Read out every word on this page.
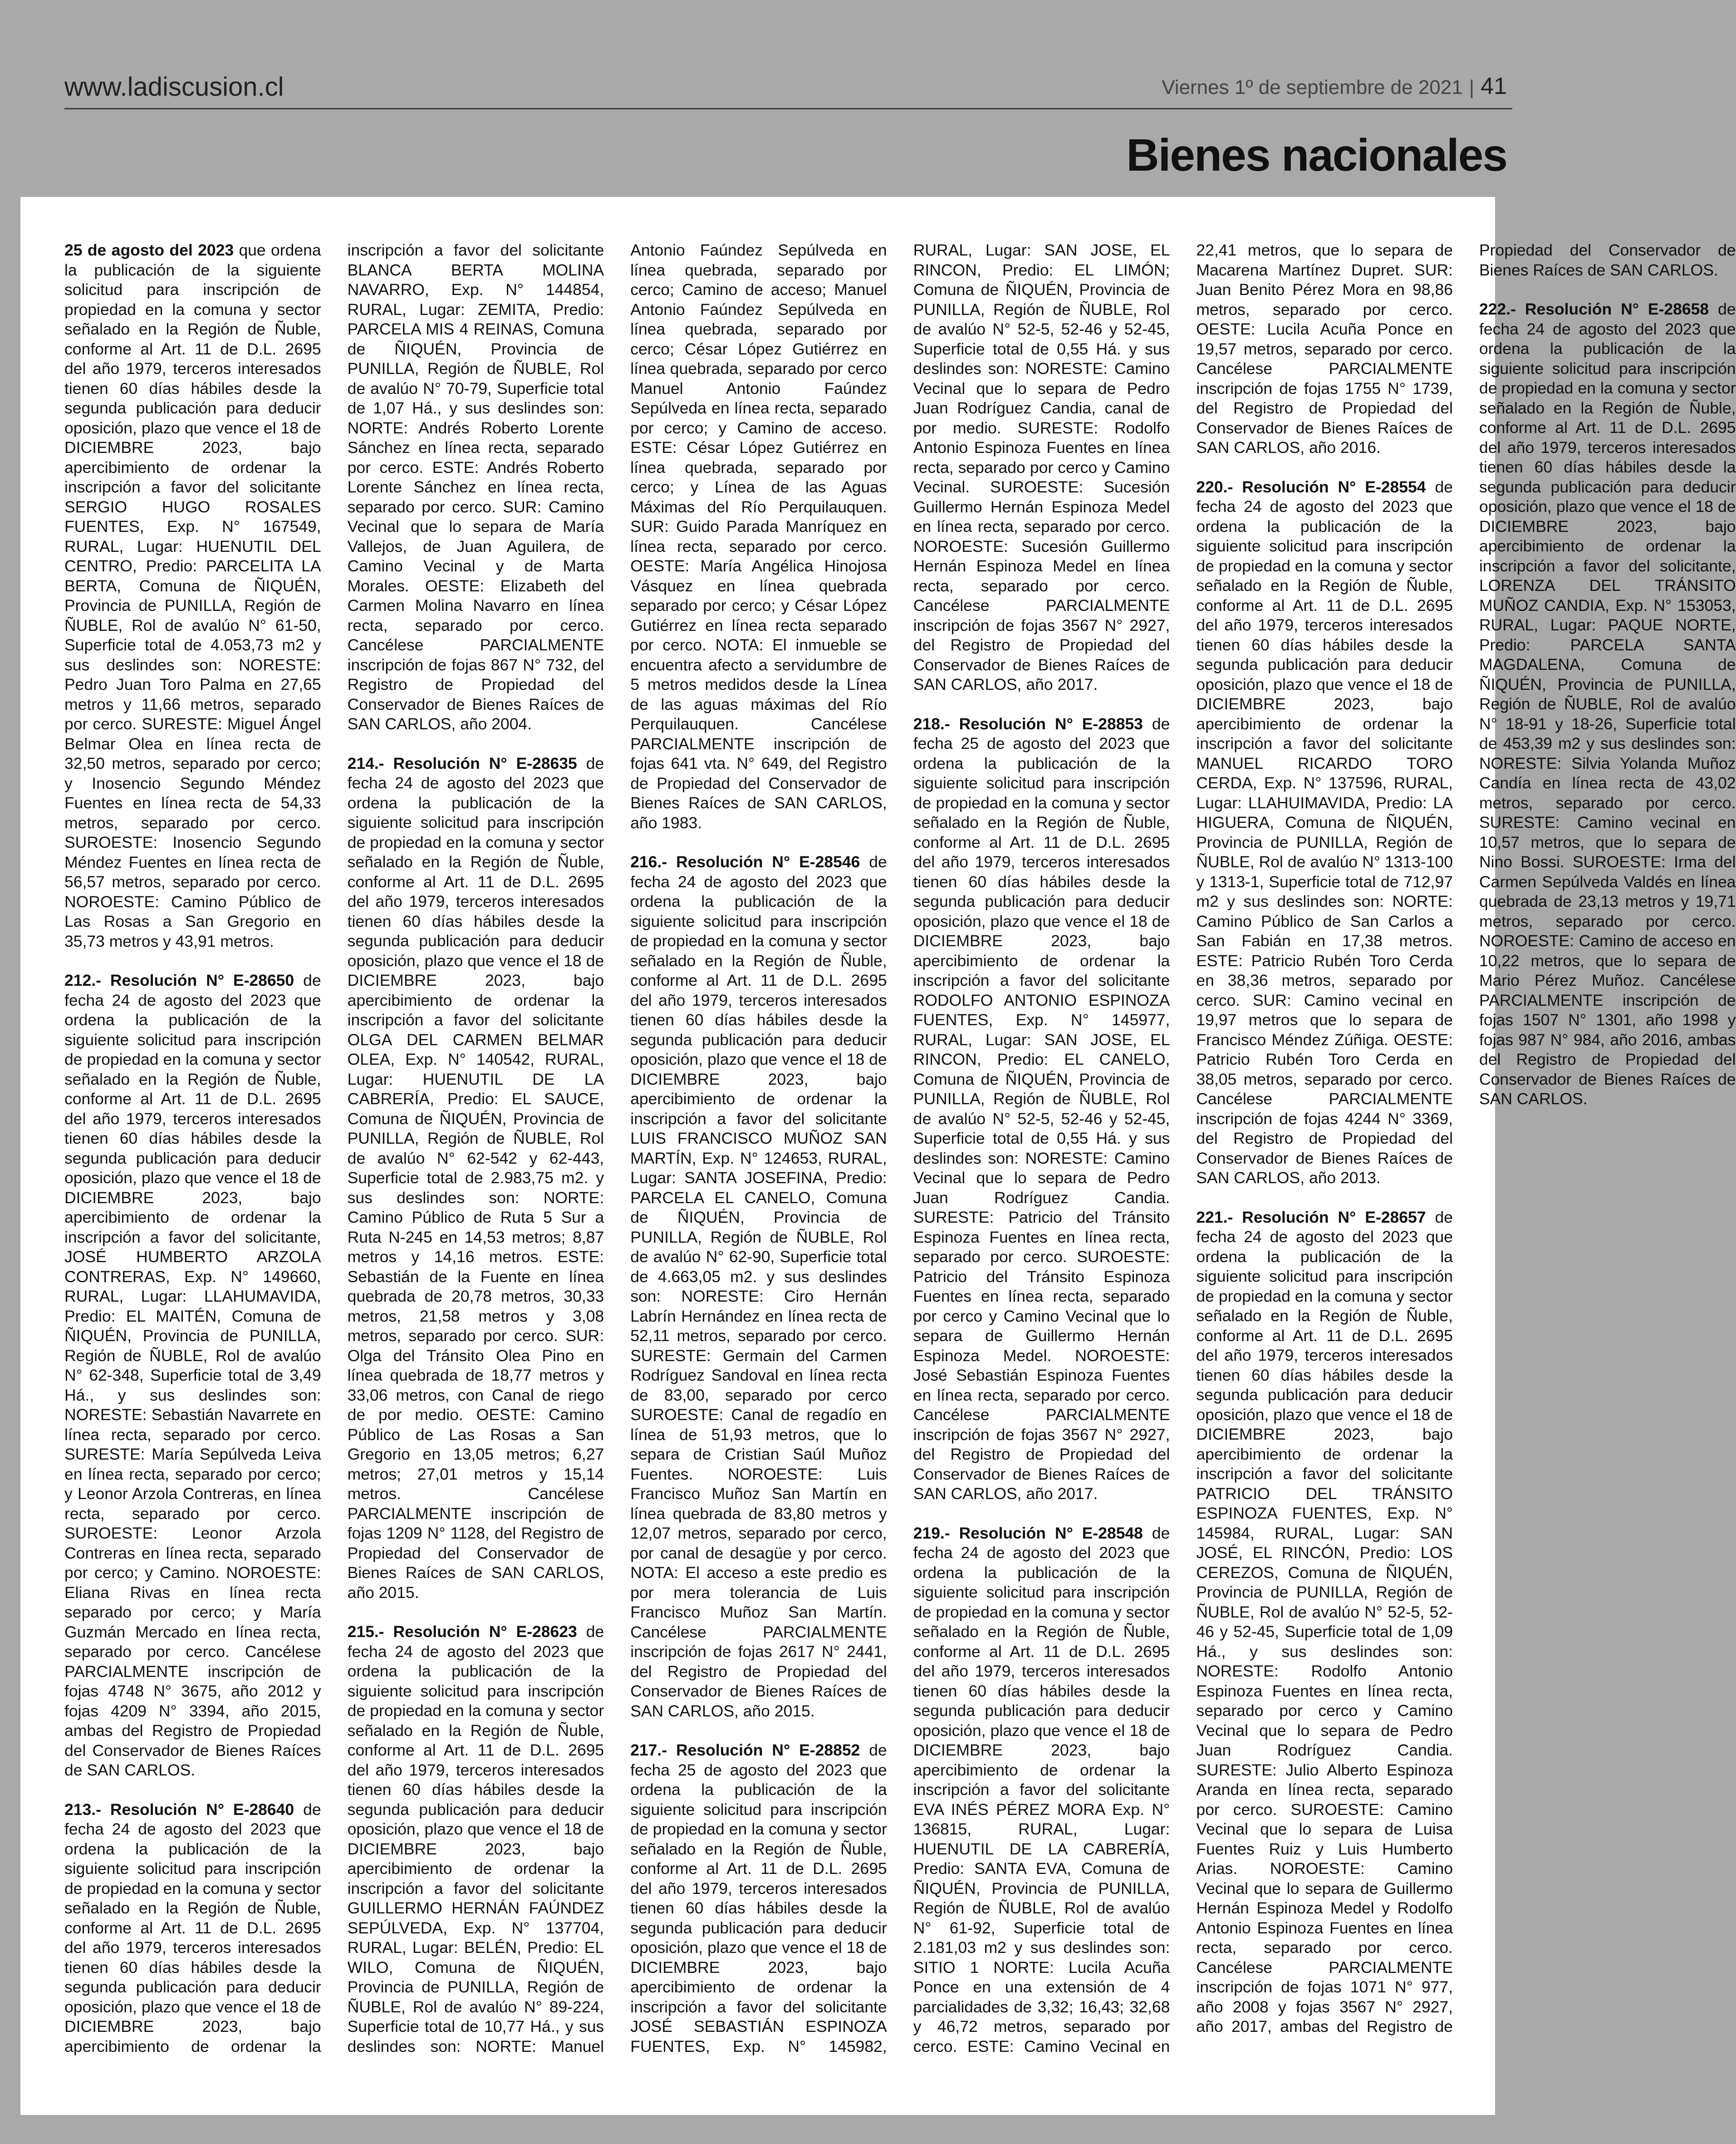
www.ladiscusion.cl	Viernes 1º de septiembre de 2021 | 41
Bienes nacionales

25 de agosto del 2023 que ordena la publicación de la siguiente solicitud para inscripción de propiedad en la comuna y sector señalado en la Región de Ñuble, conforme al Art. 11 de D.L. 2695 del año 1979, terceros interesados tienen 60 días hábiles desde la segunda publicación para deducir oposición, plazo que vence el 18 de DICIEMBRE 2023, bajo apercibimiento de ordenar la inscripción a favor del solicitante SERGIO HUGO ROSALES FUENTES, Exp. N° 167549, RURAL, Lugar: HUENUTIL DEL CENTRO, Predio: PARCELITA LA BERTA, Comuna de ÑIQUÉN, Provincia de PUNILLA, Región de ÑUBLE, Rol de avalúo N° 61-50, Superficie total de 4.053,73 m2 y sus deslindes son: NORESTE: Pedro Juan Toro Palma en 27,65 metros y 11,66 metros, separado por cerco. SURESTE: Miguel Ángel Belmar Olea en línea recta de 32,50 metros, separado por cerco; y Inosencio Segundo Méndez Fuentes en línea recta de 54,33 metros, separado por cerco. SUROESTE: Inosencio Segundo Méndez Fuentes en línea recta de 56,57 metros, separado por cerco. NOROESTE: Camino Público de Las Rosas a San Gregorio en 35,73 metros y 43,91 metros.

212.- Resolución N° E-28650 de fecha 24 de agosto del 2023 que ordena la publicación de la siguiente solicitud para inscripción de propiedad en la comuna y sector señalado en la Región de Ñuble, conforme al Art. 11 de D.L. 2695 del año 1979, terceros interesados tienen 60 días hábiles desde la segunda publicación para deducir oposición, plazo que vence el 18 de DICIEMBRE 2023, bajo apercibimiento de ordenar la inscripción a favor del solicitante, JOSÉ HUMBERTO ARZOLA CONTRERAS, Exp. N° 149660, RURAL, Lugar: LLAHUMAVIDA, Predio: EL MAITÉN, Comuna de ÑIQUÉN, Provincia de PUNILLA, Región de ÑUBLE, Rol de avalúo N° 62-348, Superficie total de 3,49 Há., y sus deslindes son: NORESTE: Sebastián Navarrete en línea recta, separado por cerco. SURESTE: María Sepúlveda Leiva en línea recta, separado por cerco; y Leonor Arzola Contreras, en línea recta, separado por cerco. SUROESTE: Leonor Arzola Contreras en línea recta, separado por cerco; y Camino. NOROESTE: Eliana Rivas en línea recta separado por cerco; y María Guzmán Mercado en línea recta, separado por cerco. Cancélese PARCIALMENTE inscripción de fojas 4748 N° 3675, año 2012 y fojas 4209 N° 3394, año 2015, ambas del Registro de Propiedad del Conservador de Bienes Raíces de SAN CARLOS.

213.- Resolución N° E-28640 de fecha 24 de agosto del 2023 que ordena la publicación de la siguiente solicitud para inscripción de propiedad en la comuna y sector señalado en la Región de Ñuble, conforme al Art. 11 de D.L. 2695 del año 1979, terceros interesados tienen 60 días hábiles desde la segunda publicación para deducir oposición, plazo que vence el 18 de DICIEMBRE 2023, bajo apercibimiento de ordenar la inscripción a favor del solicitante BLANCA BERTA MOLINA NAVARRO, Exp. N° 144854, RURAL, Lugar: ZEMITA, Predio: PARCELA MIS 4 REINAS, Comuna de ÑIQUÉN, Provincia de PUNILLA, Región de ÑUBLE, Rol de avalúo N° 70-79, Superficie total de 1,07 Há., y sus deslindes son: NORTE: Andrés Roberto Lorente Sánchez en línea recta, separado por cerco. ESTE: Andrés Roberto Lorente Sánchez en línea recta, separado por cerco. SUR: Camino Vecinal que lo separa de María Vallejos, de Juan Aguilera, de Camino Vecinal y de Marta Morales. OESTE: Elizabeth del Carmen Molina Navarro en línea recta, separado por cerco. Cancélese PARCIALMENTE inscripción de fojas 867 N° 732, del Registro de Propiedad del Conservador de Bienes Raíces de SAN CARLOS, año 2004.

214.- Resolución N° E-28635 de fecha 24 de agosto del 2023 que ordena la publicación de la siguiente solicitud para inscripción de propiedad en la comuna y sector señalado en la Región de Ñuble, conforme al Art. 11 de D.L. 2695 del año 1979, terceros interesados tienen 60 días hábiles desde la segunda publicación para deducir oposición, plazo que vence el 18 de DICIEMBRE 2023, bajo apercibimiento de ordenar la inscripción a favor del solicitante OLGA DEL CARMEN BELMAR OLEA, Exp. N° 140542, RURAL, Lugar: HUENUTIL DE LA CABRERÍA, Predio: EL SAUCE, Comuna de ÑIQUÉN, Provincia de PUNILLA, Región de ÑUBLE, Rol de avalúo N° 62-542 y 62-443, Superficie total de 2.983,75 m2. y sus deslindes son: NORTE: Camino Público de Ruta 5 Sur a Ruta N-245 en 14,53 metros; 8,87 metros y 14,16 metros. ESTE: Sebastián de la Fuente en línea quebrada de 20,78 metros, 30,33 metros, 21,58 metros y 3,08 metros, separado por cerco. SUR: Olga del Tránsito Olea Pino en línea quebrada de 18,77 metros y 33,06 metros, con Canal de riego de por medio. OESTE: Camino Público de Las Rosas a San Gregorio en 13,05 metros; 6,27 metros; 27,01 metros y 15,14 metros. Cancélese PARCIALMENTE inscripción de fojas 1209 N° 1128, del Registro de Propiedad del Conservador de Bienes Raíces de SAN CARLOS, año 2015.

215.- Resolución N° E-28623 de fecha 24 de agosto del 2023 que ordena la publicación de la siguiente solicitud para inscripción de propiedad en la comuna y sector señalado en la Región de Ñuble, conforme al Art. 11 de D.L. 2695 del año 1979, terceros interesados tienen 60 días hábiles desde la segunda publicación para deducir oposición, plazo que vence el 18 de DICIEMBRE 2023, bajo apercibimiento de ordenar la inscripción a favor del solicitante GUILLERMO HERNÁN FAÚNDEZ SEPÚLVEDA, Exp. N° 137704, RURAL, Lugar: BELÉN, Predio: EL WILO, Comuna de ÑIQUÉN, Provincia de PUNILLA, Región de ÑUBLE, Rol de avalúo N° 89-224, Superficie total de 10,77 Há., y sus deslindes son: NORTE: Manuel Antonio Faúndez Sepúlveda en línea quebrada, separado por cerco; Camino de acceso; Manuel Antonio Faúndez Sepúlveda en línea quebrada, separado por cerco; César López Gutiérrez en línea quebrada, separado por cerco Manuel Antonio Faúndez Sepúlveda en línea recta, separado por cerco; y Camino de acceso. ESTE: César López Gutiérrez en línea quebrada, separado por cerco; y Línea de las Aguas Máximas del Río Perquilauquen. SUR: Guido Parada Manríquez en línea recta, separado por cerco. OESTE: María Angélica Hinojosa Vásquez en línea quebrada separado por cerco; y César López Gutiérrez en línea recta separado por cerco. NOTA: El inmueble se encuentra afecto a servidumbre de 5 metros medidos desde la Línea de las aguas máximas del Río Perquilauquen. Cancélese PARCIALMENTE inscripción de fojas 641 vta. N° 649, del Registro de Propiedad del Conservador de Bienes Raíces de SAN CARLOS, año 1983.

216.- Resolución N° E-28546 de fecha 24 de agosto del 2023 que ordena la publicación de la siguiente solicitud para inscripción de propiedad en la comuna y sector señalado en la Región de Ñuble, conforme al Art. 11 de D.L. 2695 del año 1979, terceros interesados tienen 60 días hábiles desde la segunda publicación para deducir oposición, plazo que vence el 18 de DICIEMBRE 2023, bajo apercibimiento de ordenar la inscripción a favor del solicitante LUIS FRANCISCO MUÑOZ SAN MARTÍN, Exp. N° 124653, RURAL, Lugar: SANTA JOSEFINA, Predio: PARCELA EL CANELO, Comuna de ÑIQUÉN, Provincia de PUNILLA, Región de ÑUBLE, Rol de avalúo N° 62-90, Superficie total de 4.663,05 m2. y sus deslindes son: NORESTE: Ciro Hernán Labrín Hernández en línea recta de 52,11 metros, separado por cerco. SURESTE: Germain del Carmen Rodríguez Sandoval en línea recta de 83,00, separado por cerco SUROESTE: Canal de regadío en línea de 51,93 metros, que lo separa de Cristian Saúl Muñoz Fuentes. NOROESTE: Luis Francisco Muñoz San Martín en línea quebrada de 83,80 metros y 12,07 metros, separado por cerco, por canal de desagüe y por cerco. NOTA: El acceso a este predio es por mera tolerancia de Luis Francisco Muñoz San Martín. Cancélese PARCIALMENTE inscripción de fojas 2617 N° 2441, del Registro de Propiedad del Conservador de Bienes Raíces de SAN CARLOS, año 2015.

217.- Resolución N° E-28852 de fecha 25 de agosto del 2023 que ordena la publicación de la siguiente solicitud para inscripción de propiedad en la comuna y sector señalado en la Región de Ñuble, conforme al Art. 11 de D.L. 2695 del año 1979, terceros interesados tienen 60 días hábiles desde la segunda publicación para deducir oposición, plazo que vence el 18 de DICIEMBRE 2023, bajo apercibimiento de ordenar la inscripción a favor del solicitante JOSÉ SEBASTIÁN ESPINOZA FUENTES, Exp. N° 145982, RURAL, Lugar: SAN JOSE, EL RINCON, Predio: EL LIMÓN; Comuna de ÑIQUÉN, Provincia de PUNILLA, Región de ÑUBLE, Rol de avalúo N° 52-5, 52-46 y 52-45, Superficie total de 0,55 Há. y sus deslindes son: NORESTE: Camino Vecinal que lo separa de Pedro Juan Rodríguez Candia, canal de por medio. SURESTE: Rodolfo Antonio Espinoza Fuentes en línea recta, separado por cerco y Camino Vecinal. SUROESTE: Sucesión Guillermo Hernán Espinoza Medel en línea recta, separado por cerco. NOROESTE: Sucesión Guillermo Hernán Espinoza Medel en línea recta, separado por cerco. Cancélese PARCIALMENTE inscripción de fojas 3567 N° 2927, del Registro de Propiedad del Conservador de Bienes Raíces de SAN CARLOS, año 2017.

218.- Resolución N° E-28853 de fecha 25 de agosto del 2023 que ordena la publicación de la siguiente solicitud para inscripción de propiedad en la comuna y sector señalado en la Región de Ñuble, conforme al Art. 11 de D.L. 2695 del año 1979, terceros interesados tienen 60 días hábiles desde la segunda publicación para deducir oposición, plazo que vence el 18 de DICIEMBRE 2023, bajo apercibimiento de ordenar la inscripción a favor del solicitante RODOLFO ANTONIO ESPINOZA FUENTES, Exp. N° 145977, RURAL, Lugar: SAN JOSE, EL RINCON, Predio: EL CANELO, Comuna de ÑIQUÉN, Provincia de PUNILLA, Región de ÑUBLE, Rol de avalúo N° 52-5, 52-46 y 52-45, Superficie total de 0,55 Há. y sus deslindes son: NORESTE: Camino Vecinal que lo separa de Pedro Juan Rodríguez Candia. SURESTE: Patricio del Tránsito Espinoza Fuentes en línea recta, separado por cerco. SUROESTE: Patricio del Tránsito Espinoza Fuentes en línea recta, separado por cerco y Camino Vecinal que lo separa de Guillermo Hernán Espinoza Medel. NOROESTE: José Sebastián Espinoza Fuentes en línea recta, separado por cerco. Cancélese PARCIALMENTE inscripción de fojas 3567 N° 2927, del Registro de Propiedad del Conservador de Bienes Raíces de SAN CARLOS, año 2017.

219.- Resolución N° E-28548 de fecha 24 de agosto del 2023 que ordena la publicación de la siguiente solicitud para inscripción de propiedad en la comuna y sector señalado en la Región de Ñuble, conforme al Art. 11 de D.L. 2695 del año 1979, terceros interesados tienen 60 días hábiles desde la segunda publicación para deducir oposición, plazo que vence el 18 de DICIEMBRE 2023, bajo apercibimiento de ordenar la inscripción a favor del solicitante EVA INÉS PÉREZ MORA Exp. N° 136815, RURAL, Lugar: HUENUTIL DE LA CABRERÍA, Predio: SANTA EVA, Comuna de ÑIQUÉN, Provincia de PUNILLA, Región de ÑUBLE, Rol de avalúo N° 61-92, Superficie total de 2.181,03 m2 y sus deslindes son: SITIO 1 NORTE: Lucila Acuña Ponce en una extensión de 4 parcialidades de 3,32; 16,43; 32,68 y 46,72 metros, separado por cerco. ESTE: Camino Vecinal en 22,41 metros, que lo separa de Macarena Martínez Dupret. SUR: Juan Benito Pérez Mora en 98,86 metros, separado por cerco. OESTE: Lucila Acuña Ponce en 19,57 metros, separado por cerco. Cancélese PARCIALMENTE inscripción de fojas 1755 N° 1739, del Registro de Propiedad del Conservador de Bienes Raíces de SAN CARLOS, año 2016.

220.- Resolución N° E-28554 de fecha 24 de agosto del 2023 que ordena la publicación de la siguiente solicitud para inscripción de propiedad en la comuna y sector señalado en la Región de Ñuble, conforme al Art. 11 de D.L. 2695 del año 1979, terceros interesados tienen 60 días hábiles desde la segunda publicación para deducir oposición, plazo que vence el 18 de DICIEMBRE 2023, bajo apercibimiento de ordenar la inscripción a favor del solicitante MANUEL RICARDO TORO CERDA, Exp. N° 137596, RURAL, Lugar: LLAHUIMAVIDA, Predio: LA HIGUERA, Comuna de ÑIQUÉN, Provincia de PUNILLA, Región de ÑUBLE, Rol de avalúo N° 1313-100 y 1313-1, Superficie total de 712,97 m2 y sus deslindes son: NORTE: Camino Público de San Carlos a San Fabián en 17,38 metros. ESTE: Patricio Rubén Toro Cerda en 38,36 metros, separado por cerco. SUR: Camino vecinal en 19,97 metros que lo separa de Francisco Méndez Zúñiga. OESTE: Patricio Rubén Toro Cerda en 38,05 metros, separado por cerco. Cancélese PARCIALMENTE inscripción de fojas 4244 N° 3369, del Registro de Propiedad del Conservador de Bienes Raíces de SAN CARLOS, año 2013.

221.- Resolución N° E-28657 de fecha 24 de agosto del 2023 que ordena la publicación de la siguiente solicitud para inscripción de propiedad en la comuna y sector señalado en la Región de Ñuble, conforme al Art. 11 de D.L. 2695 del año 1979, terceros interesados tienen 60 días hábiles desde la segunda publicación para deducir oposición, plazo que vence el 18 de DICIEMBRE 2023, bajo apercibimiento de ordenar la inscripción a favor del solicitante PATRICIO DEL TRÁNSITO ESPINOZA FUENTES, Exp. N° 145984, RURAL, Lugar: SAN JOSÉ, EL RINCÓN, Predio: LOS CEREZOS, Comuna de ÑIQUÉN, Provincia de PUNILLA, Región de ÑUBLE, Rol de avalúo N° 52-5, 52-46 y 52-45, Superficie total de 1,09 Há., y sus deslindes son: NORESTE: Rodolfo Antonio Espinoza Fuentes en línea recta, separado por cerco y Camino Vecinal que lo separa de Pedro Juan Rodríguez Candia. SURESTE: Julio Alberto Espinoza Aranda en línea recta, separado por cerco. SUROESTE: Camino Vecinal que lo separa de Luisa Fuentes Ruiz y Luis Humberto Arias. NOROESTE: Camino Vecinal que lo separa de Guillermo Hernán Espinoza Medel y Rodolfo Antonio Espinoza Fuentes en línea recta, separado por cerco. Cancélese PARCIALMENTE inscripción de fojas 1071 N° 977, año 2008 y fojas 3567 N° 2927, año 2017, ambas del Registro de Propiedad del Conservador de Bienes Raíces de SAN CARLOS.

222.- Resolución N° E-28658 de fecha 24 de agosto del 2023 que ordena la publicación de la siguiente solicitud para inscripción de propiedad en la comuna y sector señalado en la Región de Ñuble, conforme al Art. 11 de D.L. 2695 del año 1979, terceros interesados tienen 60 días hábiles desde la segunda publicación para deducir oposición, plazo que vence el 18 de DICIEMBRE 2023, bajo apercibimiento de ordenar la inscripción a favor del solicitante, LORENZA DEL TRÁNSITO MUÑOZ CANDIA, Exp. N° 153053, RURAL, Lugar: PAQUE NORTE, Predio: PARCELA SANTA MAGDALENA, Comuna de ÑIQUÉN, Provincia de PUNILLA, Región de ÑUBLE, Rol de avalúo N° 18-91 y 18-26, Superficie total de 453,39 m2 y sus deslindes son: NORESTE: Silvia Yolanda Muñoz Candía en línea recta de 43,02 metros, separado por cerco. SURESTE: Camino vecinal en 10,57 metros, que lo separa de Nino Bossi. SUROESTE: Irma del Carmen Sepúlveda Valdés en línea quebrada de 23,13 metros y 19,71 metros, separado por cerco. NOROESTE: Camino de acceso en 10,22 metros, que lo separa de Mario Pérez Muñoz. Cancélese PARCIALMENTE inscripción de fojas 1507 N° 1301, año 1998 y fojas 987 N° 984, año 2016, ambas del Registro de Propiedad del Conservador de Bienes Raíces de SAN CARLOS.
